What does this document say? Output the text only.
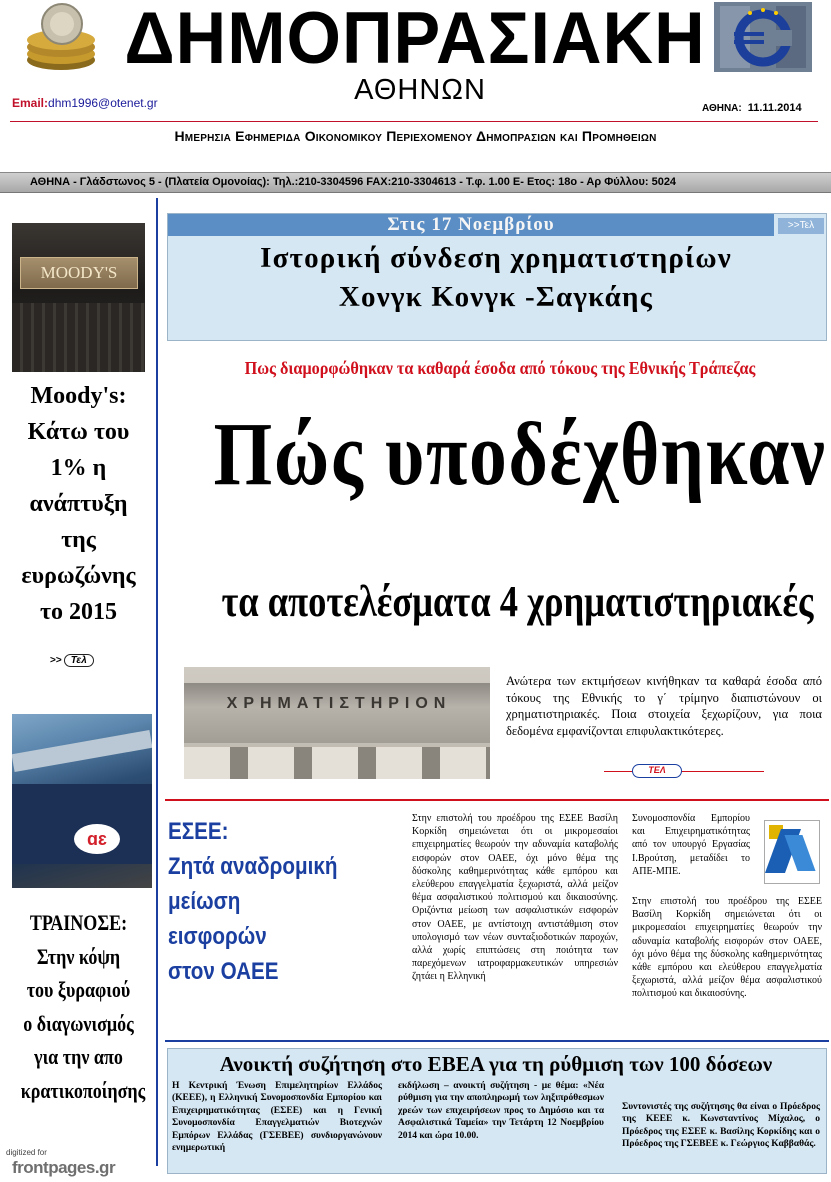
ΔΗΜΟΠΡΑΣΙΑΚΗ
ΑΘΗΝΩΝ
Email:dhm1996@otenet.gr	ΑΘΗΝΑ: 11.11.2014
Ημερησια Εφημεριδα Οικονομικου Περιεχομενου Δημοπρασιων και Προμηθειων
ΑΘΗΝΑ - Γλάδστωνος 5 - (Πλατεία Ομονοίας): Τηλ.:210-3304596 FAX:210-3304613 - Τ.φ. 1.00 Ε- Ετος: 18ο - Αρ Φύλλου: 5024
MOODY'S
Moody's:
Κάτω του
1% η
ανάπτυξη
της
ευρωζώνης
το 2015
>> Τελ
ɑɛ
ΤΡΑΙΝΟΣΕ:
Στην κόψη
του ξυραφιού
ο διαγωνισμός
για την απο
κρατικοποίησης
digitized for
frontpages.gr
Στις 17 Νοεμβρίου	>>Τελ
Ιστορική σύνδεση χρηματιστηρίων
Χονγκ Κονγκ -Σαγκάης
Πως διαμορφώθηκαν τα καθαρά έσοδα από τόκους της Εθνικής Τράπεζας
Πώς υποδέχθηκαν
τα αποτελέσματα 4 χρηματιστηριακές
ΧΡΗΜΑΤΙΣΤΗΡΙΟΝ
Ανώτερα των εκτιμήσεων κινήθηκαν τα καθαρά έσοδα από τόκους της Εθνικής τo γ΄ τρίμηνο διαπιστώνουν οι χρηματιστηριακές. Ποια στοιχεία ξεχωρίζουν, για ποια δεδομένα εμφανίζονται επιφυλακτικότερες.
ΤΕΛ
ΕΣΕΕ:
Ζητά αναδρομική
μείωση
εισφορών
στον ΟΑΕΕ
Στην επιστολή του προέδρου της ΕΣΕΕ Βασίλη Κορκίδη σημειώνεται ότι οι μικρομεσαίοι επιχειρηματίες θεωρούν την αδυναμία καταβολής εισφορών στον ΟΑΕΕ, όχι μόνο θέμα της δύσκολης καθημερινότητας κάθε εμπόρου και ελεύθερου επαγγελματία ξεχωριστά, αλλά μείζον θέμα ασφαλιστικού πολιτισμού και δικαιοσύνης. Οριζόντια μείωση των ασφαλιστικών εισφορών στον ΟΑΕΕ, με αντίστοιχη αντιστάθμιση στον υπολογισμό των νέων συνταξιοδοτικών παροχών, αλλά χωρίς επιπτώσεις στη ποιότητα των παρεχόμενων ιατροφαρμακευτικών υπηρεσιών ζητάει η Ελληνική
Συνομοσπονδία Εμπορίου και Επιχειρηματικότητας από τον υπουργό Εργασίας Ι.Βρούτση, μεταδίδει το ΑΠΕ-ΜΠΕ.
Στην επιστολή του προέδρου της ΕΣΕΕ Βασίλη Κορκίδη σημειώνεται ότι οι μικρομεσαίοι επιχειρηματίες θεωρούν την αδυναμία καταβολής εισφορών στον ΟΑΕΕ, όχι μόνο θέμα της δύσκολης καθημερινότητας κάθε εμπόρου και ελεύθερου επαγγελματία ξεχωριστά, αλλά μείζον θέμα ασφαλιστικού πολιτισμού και δικαιοσύνης.
Ανοικτή συζήτηση στο ΕΒΕΑ για τη ρύθμιση των 100 δόσεων
Η Κεντρική Ένωση Επιμελητηρίων Ελλάδος (ΚΕΕΕ), η Ελληνική Συνομοσπονδία Εμπορίου και Επιχειρηματικότητας (ΕΣΕΕ) και η Γενική Συνομοσπονδία Επαγγελματιών Βιοτεχνών Εμπόρων Ελλάδας (ΓΣΕΒΕΕ) συνδιοργανώνουν ενημερωτική
εκδήλωση – ανοικτή συζήτηση - με θέμα: «Νέα ρύθμιση για την αποπληρωμή των ληξιπρόθεσμων χρεών των επιχειρήσεων προς το Δημόσιο και τα Ασφαλιστικά Ταμεία» την Τετάρτη 12 Νοεμβρίου 2014 και ώρα 10.00.
Συντονιστές της συζήτησης θα είναι ο Πρόεδρος της ΚΕΕΕ κ. Κωνσταντίνος Μίχαλος, ο Πρόεδρος της ΕΣΕΕ κ. Βασίλης Κορκίδης και ο Πρόεδρος της ΓΣΕΒΕΕ κ. Γεώργιος Καββαθάς.
